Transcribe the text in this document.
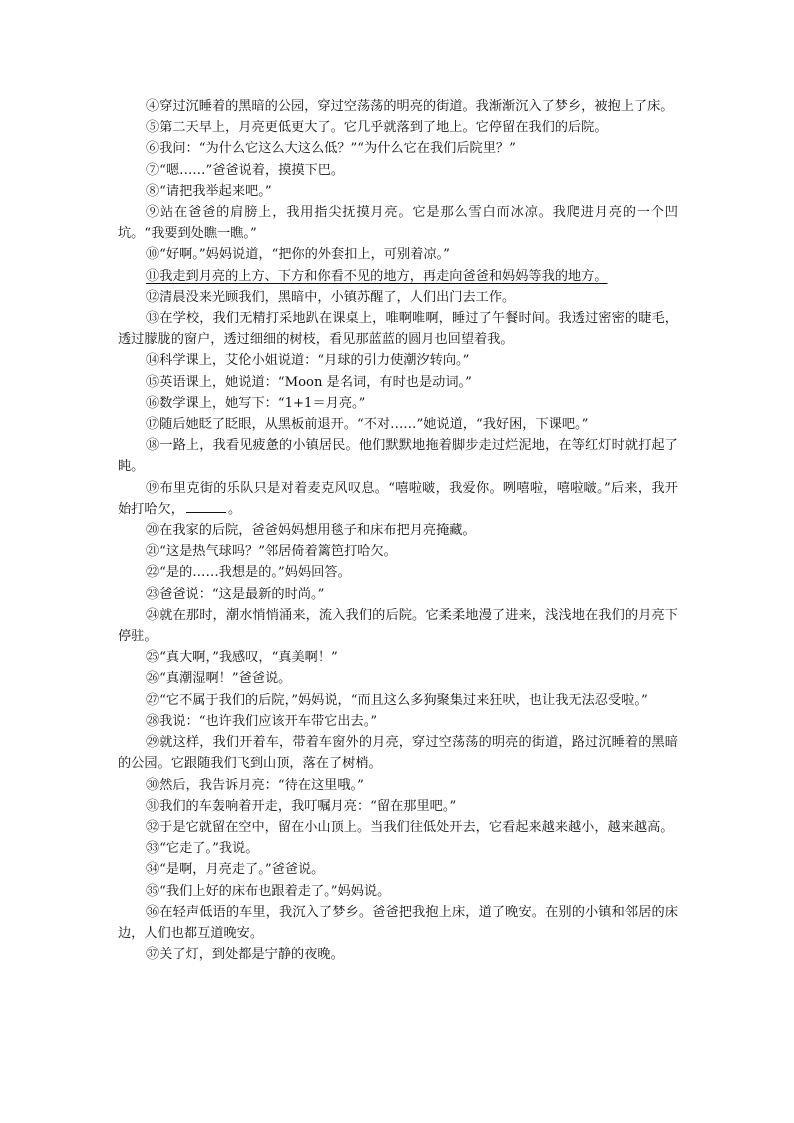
④穿过沉睡着的黑暗的公园，穿过空荡荡的明亮的街道。我渐渐沉入了梦乡，被抱上了床。

⑤第二天早上，月亮更低更大了。它几乎就落到了地上。它停留在我们的后院。

⑥我问：“为什么它这么大这么低？”“为什么它在我们后院里？”

⑦“嗯……”爸爸说着，摸摸下巴。

⑧“请把我举起来吧。”

⑨站在爸爸的肩膀上，我用指尖抚摸月亮。它是那么雪白而冰凉。我爬进月亮的一个凹坑。“我要到处瞧一瞧。”

⑩“好啊。”妈妈说道，“把你的外套扣上，可别着凉。”

⑪我走到月亮的上方、下方和你看不见的地方，再走向爸爸和妈妈等我的地方。

⑫清晨没来光顾我们，黑暗中，小镇苏醒了，人们出门去工作。

⑬在学校，我们无精打采地趴在课桌上，唯啊唯啊，睡过了午餐时间。我透过密密的睫毛，透过朦胧的窗户，透过细细的树枝，看见那蓝蓝的圆月也回望着我。

⑭科学课上，艾伦小姐说道：“月球的引力使潮汐转向。”

⑮英语课上，她说道：“Moon 是名词，有时也是动词。”

⑯数学课上，她写下：“1+1＝月亮。”

⑰随后她眨了眨眼，从黑板前退开。“不对……”她说道，“我好困，下课吧。”

⑱一路上，我看见疲惫的小镇居民。他们默默地拖着脚步走过烂泥地，在等红灯时就打起了盹。

⑲布里克街的乐队只是对着麦克风叹息。“嘻啦啵，我爱你。咧嘻啦，嘻啦啵。”后来，我开始打哈欠，	。

⑳在我家的后院，爸爸妈妈想用毯子和床布把月亮掩藏。

㉑“这是热气球吗？”邻居倚着篱笆打哈欠。

㉒“是的……我想是的。”妈妈回答。

㉓爸爸说：“这是最新的时尚。”

㉔就在那时，潮水悄悄涌来，流入我们的后院。它柔柔地漫了进来，浅浅地在我们的月亮下停驻。

㉕“真大啊，”我感叹，“真美啊！”

㉖“真潮湿啊！”爸爸说。

㉗“它不属于我们的后院，”妈妈说，“而且这么多狗聚集过来狂吠，也让我无法忍受啦。”

㉘我说：“也许我们应该开车带它出去。”

㉙就这样，我们开着车，带着车窗外的月亮，穿过空荡荡的明亮的街道，路过沉睡着的黑暗的公园。它跟随我们飞到山顶，落在了树梢。

㉚然后，我告诉月亮：“待在这里哦。”

㉛我们的车轰响着开走，我叮嘱月亮：“留在那里吧。”

㉜于是它就留在空中，留在小山顶上。当我们往低处开去，它看起来越来越小，越来越高。

㉝“它走了。”我说。

㉞“是啊，月亮走了。”爸爸说。

㉟“我们上好的床布也跟着走了。”妈妈说。

㊱在轻声低语的车里，我沉入了梦乡。爸爸把我抱上床，道了晚安。在别的小镇和邻居的床边，人们也都互道晚安。

㊲关了灯，到处都是宁静的夜晚。
